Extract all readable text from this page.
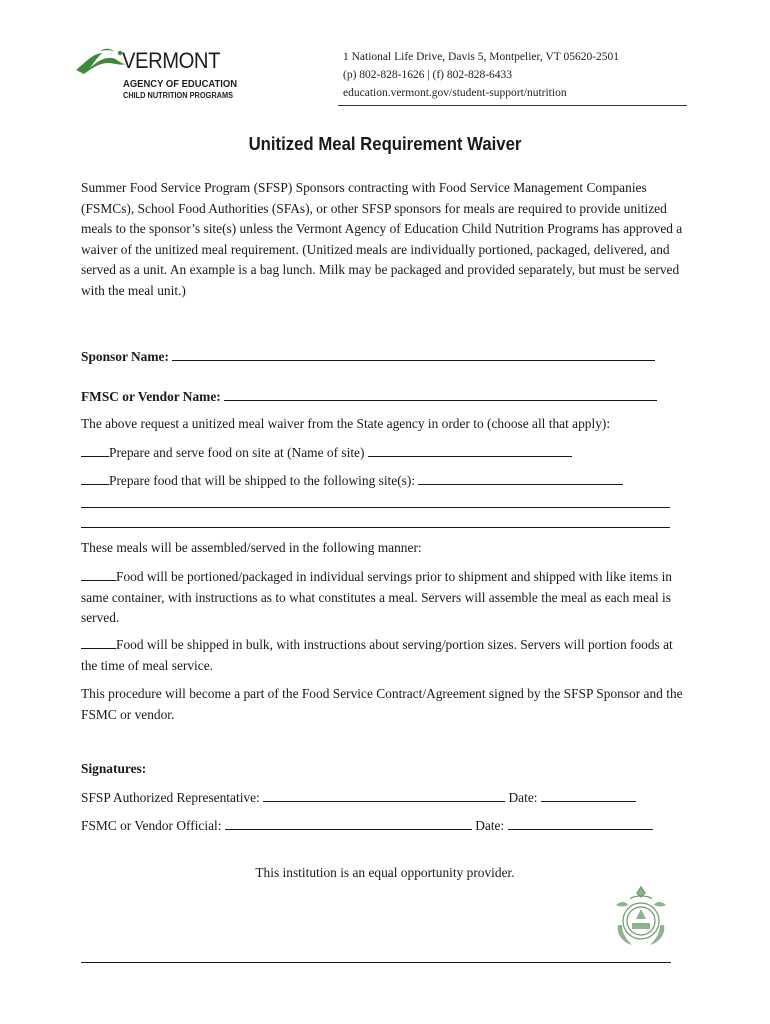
VERMONT
AGENCY OF EDUCATION
CHILD NUTRITION PROGRAMS
1 National Life Drive, Davis 5, Montpelier, VT 05620-2501
(p) 802-828-1626 | (f) 802-828-6433
education.vermont.gov/student-support/nutrition
Unitized Meal Requirement Waiver
Summer Food Service Program (SFSP) Sponsors contracting with Food Service Management Companies (FSMCs), School Food Authorities (SFAs), or other SFSP sponsors for meals are required to provide unitized meals to the sponsor’s site(s) unless the Vermont Agency of Education Child Nutrition Programs has approved a waiver of the unitized meal requirement. (Unitized meals are individually portioned, packaged, delivered, and served as a unit. An example is a bag lunch. Milk may be packaged and provided separately, but must be served with the meal unit.)
Sponsor Name:
FMSC or Vendor Name:
The above request a unitized meal waiver from the State agency in order to (choose all that apply):
Prepare and serve food on site at (Name of site)
Prepare food that will be shipped to the following site(s):
These meals will be assembled/served in the following manner:
Food will be portioned/packaged in individual servings prior to shipment and shipped with like items in same container, with instructions as to what constitutes a meal. Servers will assemble the meal as each meal is served.
Food will be shipped in bulk, with instructions about serving/portion sizes. Servers will portion foods at the time of meal service.
This procedure will become a part of the Food Service Contract/Agreement signed by the SFSP Sponsor and the FSMC or vendor.
Signatures:
SFSP Authorized Representative:	Date:
FSMC or Vendor Official:	Date:
This institution is an equal opportunity provider.
